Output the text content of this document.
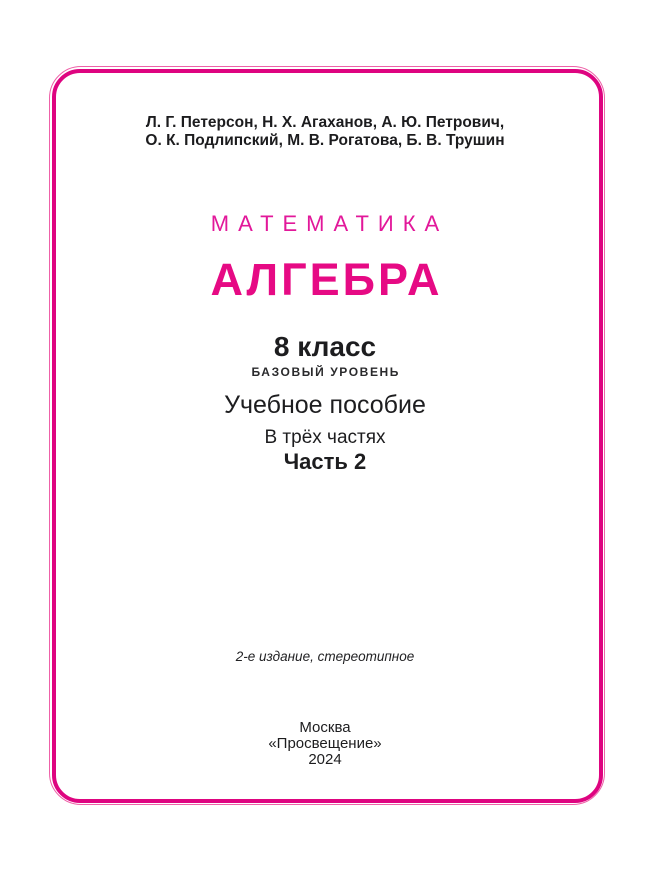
Л. Г. Петерсон, Н. Х. Агаханов, А. Ю. Петрович,
О. К. Подлипский, М. В. Рогатова, Б. В. Трушин
МАТЕМАТИКА
АЛГЕБРА
8 класс
БАЗОВЫЙ УРОВЕНЬ
Учебное пособие
В трёх частях
Часть 2
2-е издание, стереотипное
Москва
«Просвещение»
2024
